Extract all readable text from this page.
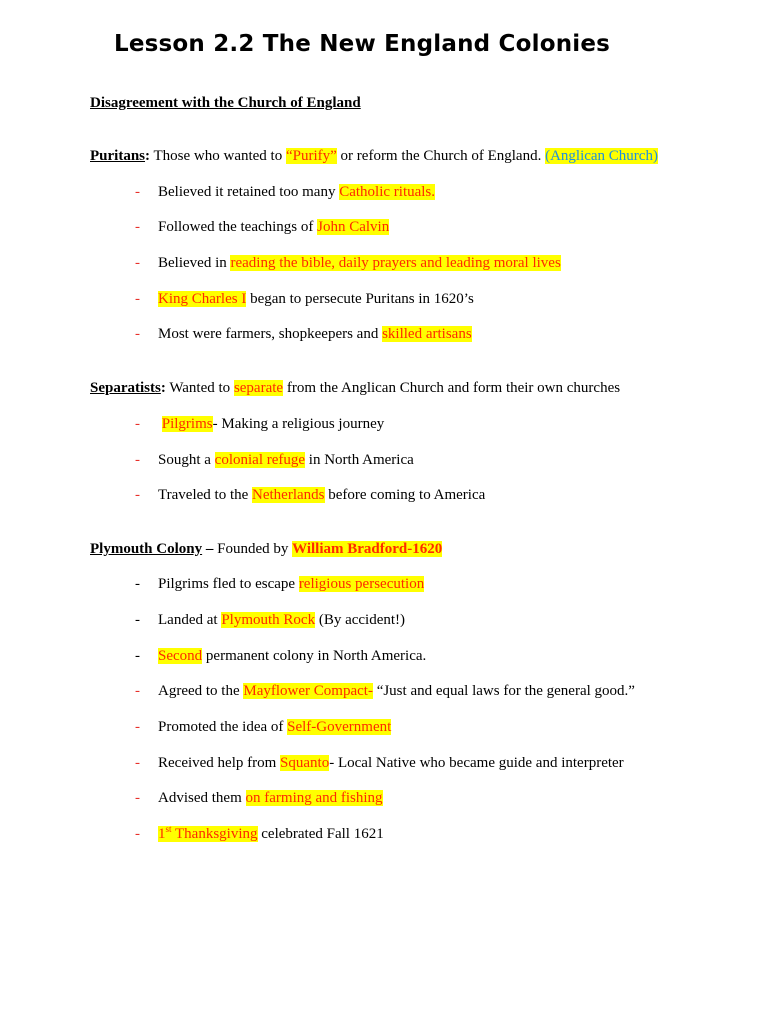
Lesson 2.2 The New England Colonies
Disagreement with the Church of England
Puritans: Those who wanted to “Purify” or reform the Church of England. (Anglican Church)
- Believed it retained too many Catholic rituals.
- Followed the teachings of John Calvin
- Believed in reading the bible, daily prayers and leading moral lives
- King Charles I began to persecute Puritans in 1620’s
- Most were farmers, shopkeepers and skilled artisans
Separatists: Wanted to separate from the Anglican Church and form their own churches
- Pilgrims- Making a religious journey
- Sought a colonial refuge in North America
- Traveled to the Netherlands before coming to America
Plymouth Colony – Founded by William Bradford-1620
- Pilgrims fled to escape religious persecution
- Landed at Plymouth Rock (By accident!)
- Second permanent colony in North America.
- Agreed to the Mayflower Compact- “Just and equal laws for the general good.”
- Promoted the idea of Self-Government
- Received help from Squanto- Local Native who became guide and interpreter
- Advised them on farming and fishing
- 1st Thanksgiving celebrated Fall 1621
